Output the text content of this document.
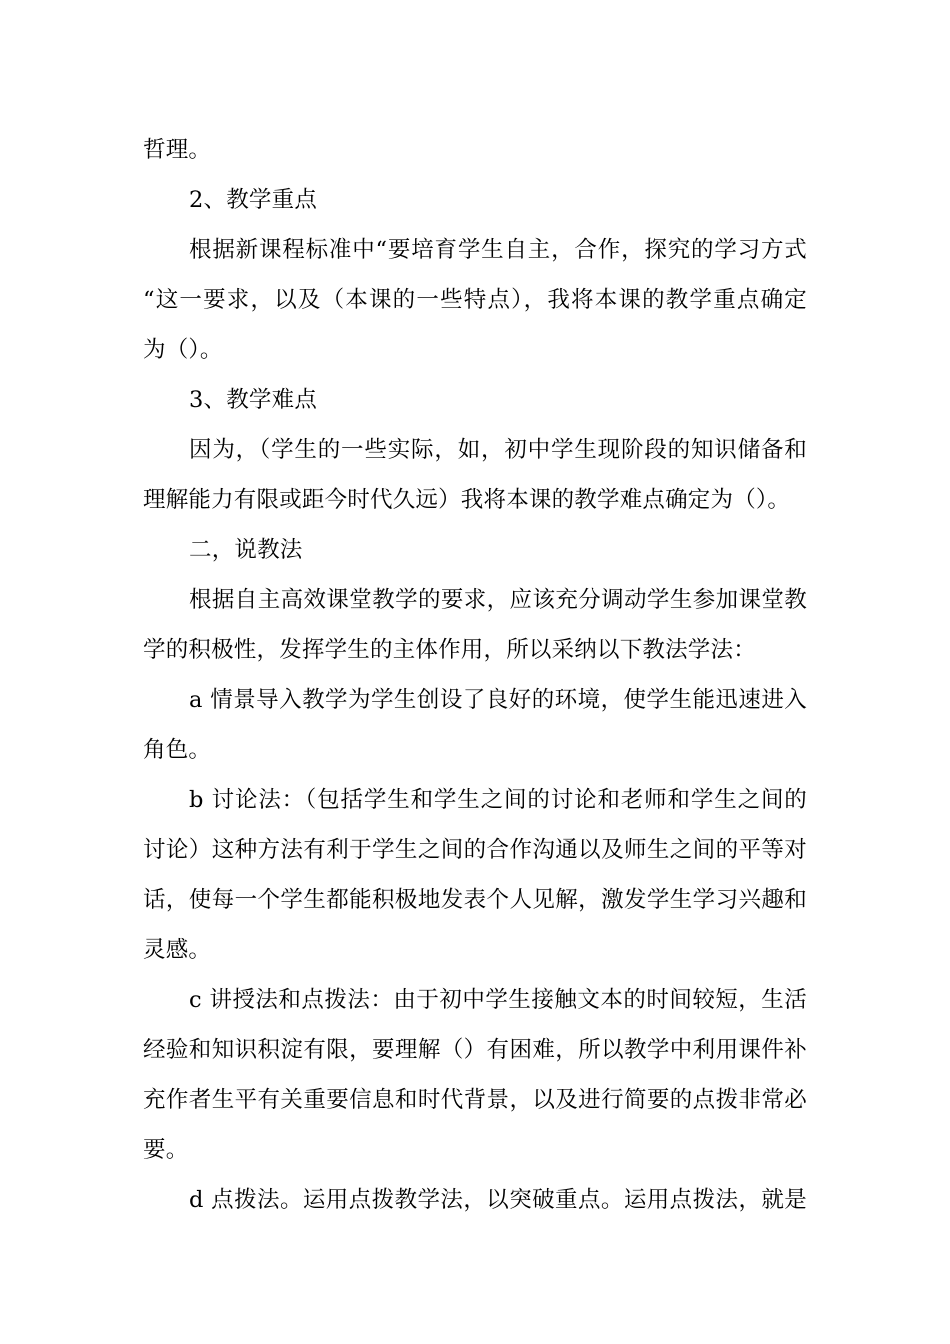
哲理。
2、教学重点
根据新课程标准中“要培育学生自主，合作，探究的学习方式
“这一要求，以及（本课的一些特点），我将本课的教学重点确定
为（）。
3、教学难点
因为，（学生的一些实际，如，初中学生现阶段的知识储备和
理解能力有限或距今时代久远）我将本课的教学难点确定为（）。
二，说教法
根据自主高效课堂教学的要求，应该充分调动学生参加课堂教
学的积极性，发挥学生的主体作用，所以采纳以下教法学法：
a 情景导入教学为学生创设了良好的环境，使学生能迅速进入
角色。
b 讨论法：（包括学生和学生之间的讨论和老师和学生之间的
讨论）这种方法有利于学生之间的合作沟通以及师生之间的平等对
话，使每一个学生都能积极地发表个人见解，激发学生学习兴趣和
灵感。
c 讲授法和点拨法：由于初中学生接触文本的时间较短，生活
经验和知识积淀有限，要理解（）有困难，所以教学中利用课件补
充作者生平有关重要信息和时代背景，以及进行简要的点拨非常必
要。
d 点拨法。运用点拨教学法，以突破重点。运用点拨法，就是
